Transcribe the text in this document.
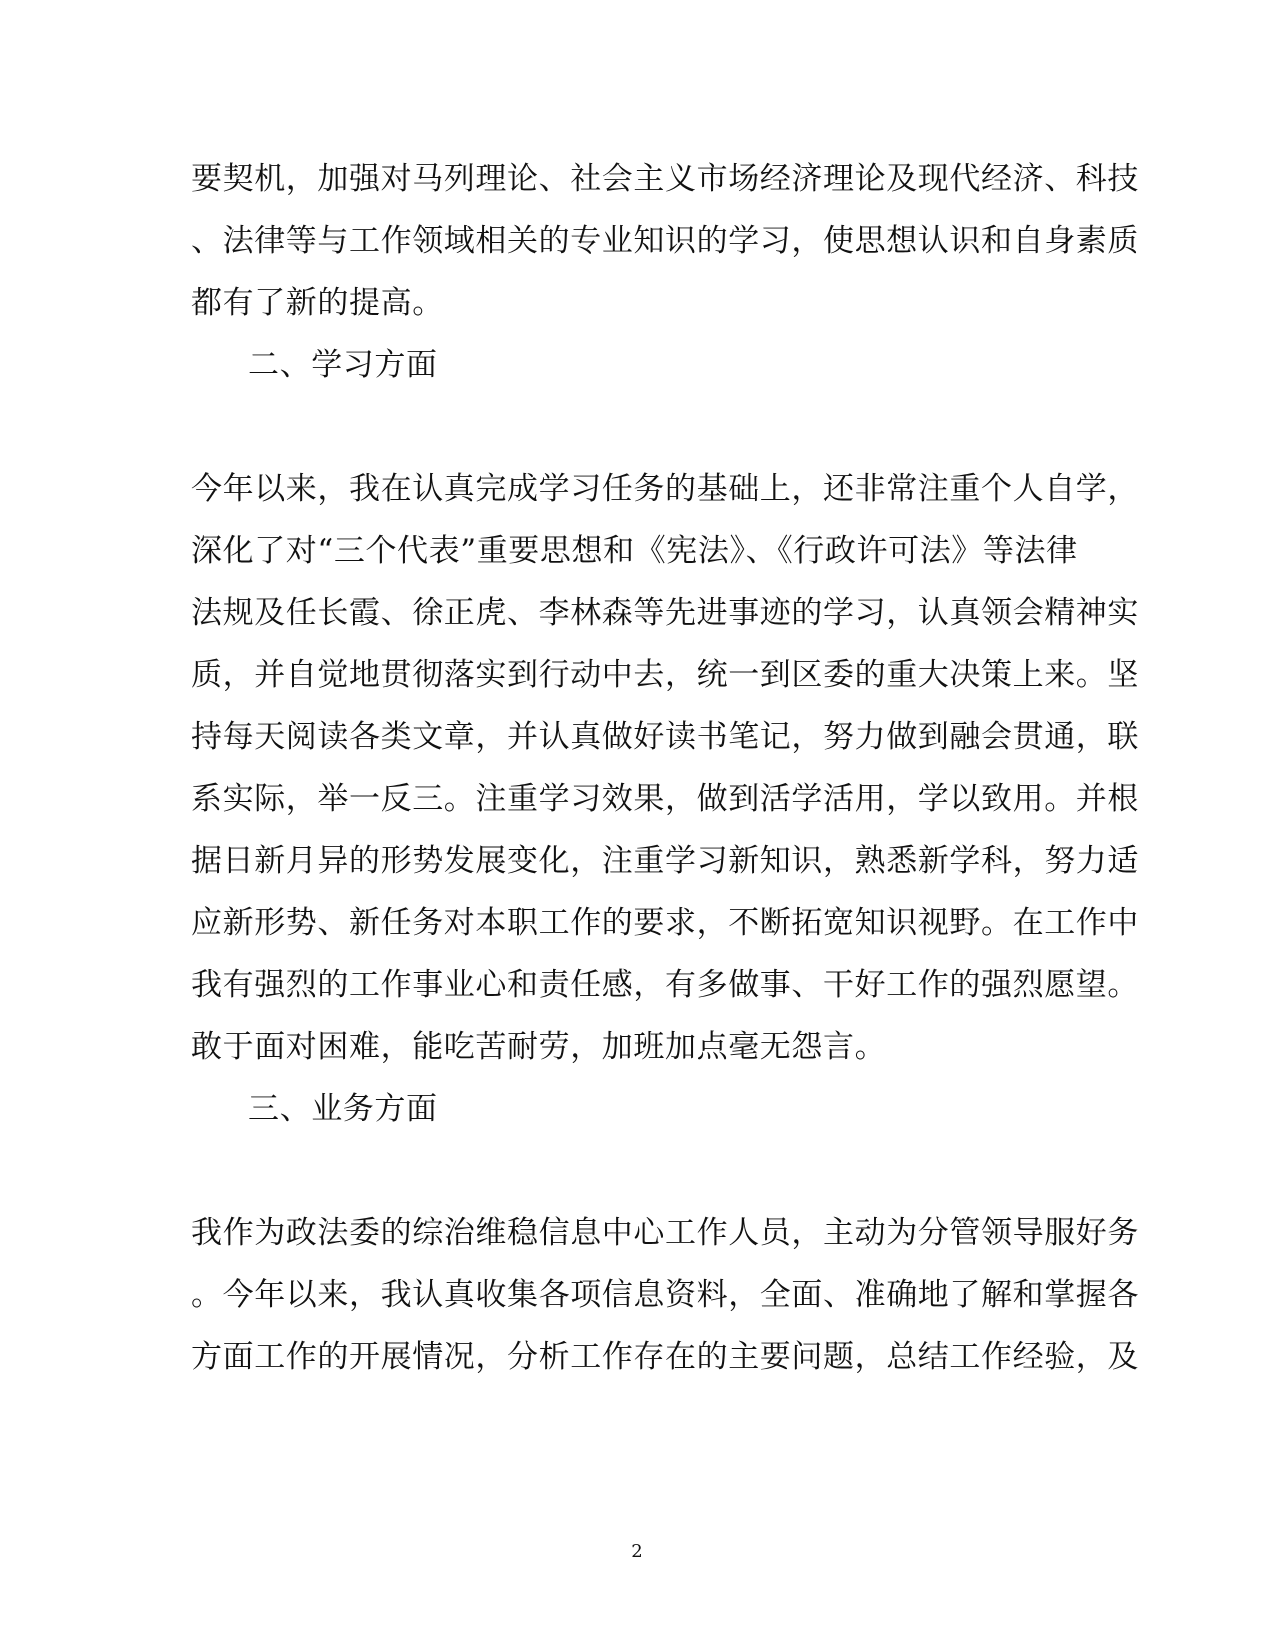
要契机，加强对马列理论、社会主义市场经济理论及现代经济、科技
、法律等与工作领域相关的专业知识的学习，使思想认识和自身素质
都有了新的提高。
二、学习方面
今年以来，我在认真完成学习任务的基础上，还非常注重个人自学，
深化了对“三个代表”重要思想和《宪法》、《行政许可法》等法律
法规及任长霞、徐正虎、李林森等先进事迹的学习，认真领会精神实
质，并自觉地贯彻落实到行动中去，统一到区委的重大决策上来。坚
持每天阅读各类文章，并认真做好读书笔记，努力做到融会贯通，联
系实际，举一反三。注重学习效果，做到活学活用，学以致用。并根
据日新月异的形势发展变化，注重学习新知识，熟悉新学科，努力适
应新形势、新任务对本职工作的要求，不断拓宽知识视野。在工作中
我有强烈的工作事业心和责任感，有多做事、干好工作的强烈愿望。
敢于面对困难，能吃苦耐劳，加班加点毫无怨言。
三、业务方面
我作为政法委的综治维稳信息中心工作人员，主动为分管领导服好务
。今年以来，我认真收集各项信息资料，全面、准确地了解和掌握各
方面工作的开展情况，分析工作存在的主要问题，总结工作经验，及
2
